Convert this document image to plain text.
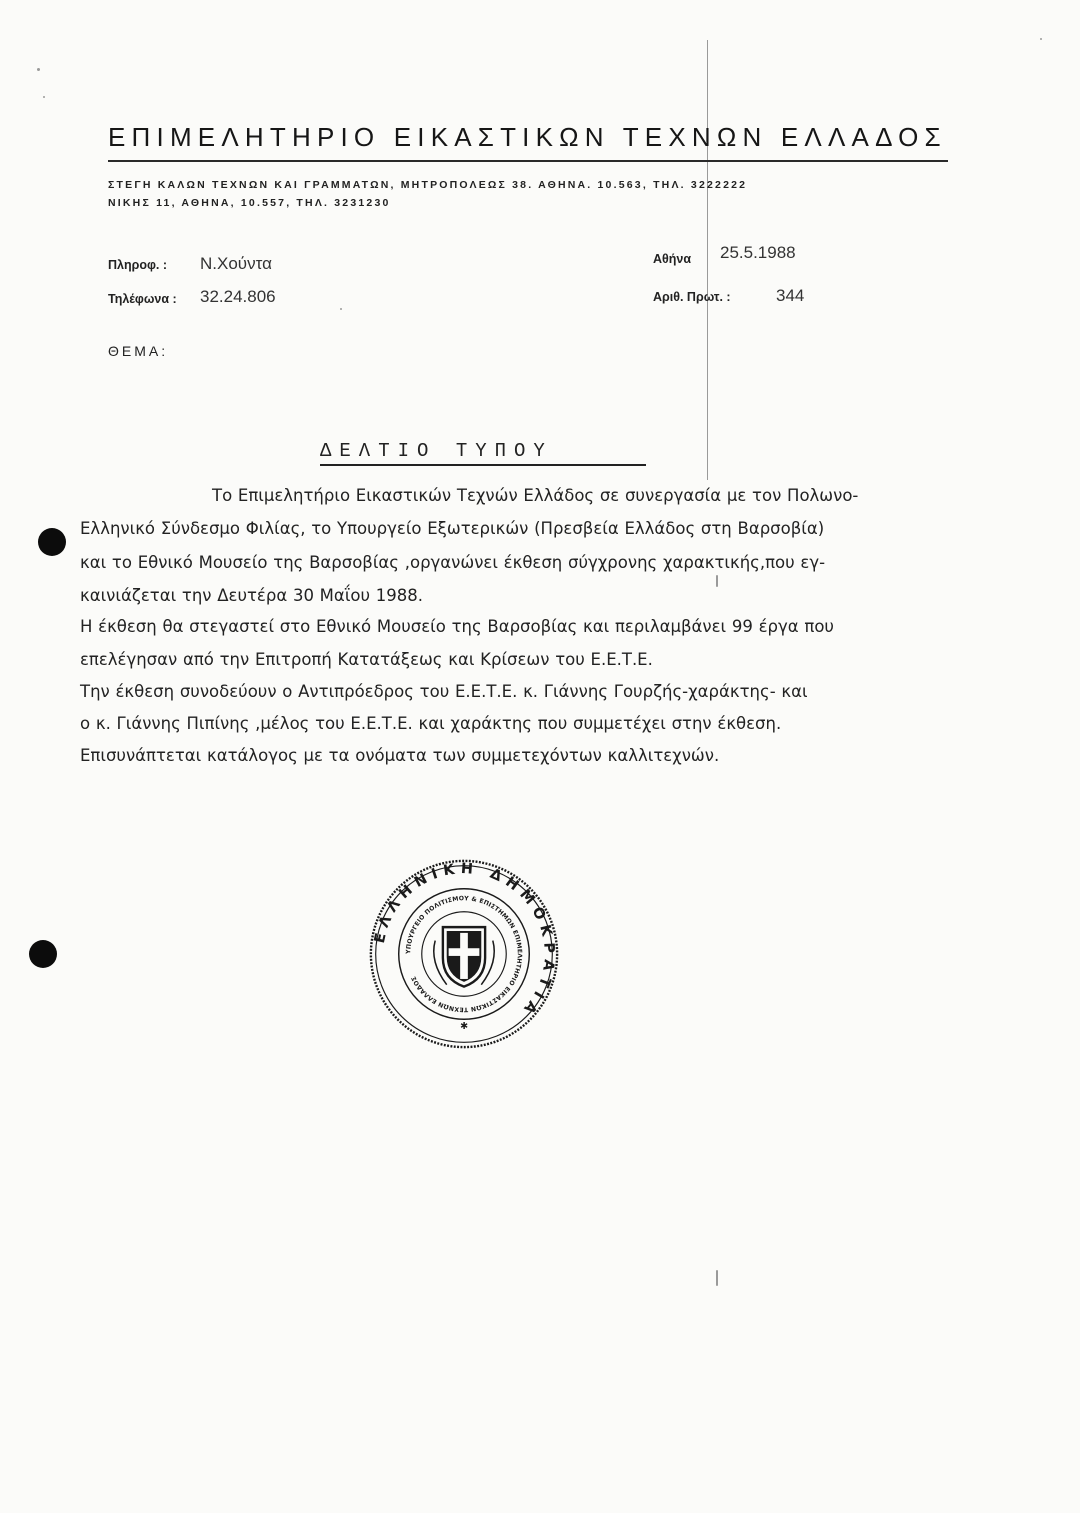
ΕΠΙΜΕΛΗΤΗΡΙΟ ΕΙΚΑΣΤΙΚΩΝ ΤΕΧΝΩΝ ΕΛΛΑΔΟΣ
ΣΤΕΓΗ ΚΑΛΩΝ ΤΕΧΝΩΝ ΚΑΙ ΓΡΑΜΜΑΤΩΝ, ΜΗΤΡΟΠΟΛΕΩΣ 38. ΑΘΗΝΑ. 10.563, ΤΗΛ. 3222222
ΝΙΚΗΣ 11, ΑΘΗΝΑ, 10.557, ΤΗΛ. 3231230
Πληροφ. : Ν.Χούντα
Τηλέφωνα : 32.24.806
Αθήνα 25.5.1988
Αριθ. Πρωτ. :	344
ΘΕΜΑ:
ΔΕΛΤΙΟ ΤΥΠΟΥ
Το Επιμελητήριο Εικαστικών Τεχνών Ελλάδος σε συνεργασία με τον Πολωνο-
Ελληνικό Σύνδεσμο Φιλίας, το Υπουργείο Εξωτερικών (Πρεσβεία Ελλάδος στη Βαρσοβία)
και το Εθνικό Μουσείο της Βαρσοβίας ,οργανώνει έκθεση σύγχρονης χαρακτικής,που εγ-
καινιάζεται την Δευτέρα 30 Μαΐου 1988.
Η έκθεση θα στεγαστεί στο Εθνικό Μουσείο της Βαρσοβίας και περιλαμβάνει 99 έργα που
επελέγησαν από την Επιτροπή Κατατάξεως και Κρίσεων του Ε.Ε.Τ.Ε.
Την έκθεση συνοδεύουν ο Αντιπρόεδρος του Ε.Ε.Τ.Ε. κ. Γιάννης Γουρζής-χαράκτης- και
ο κ. Γιάννης Πιπίνης ,μέλος του Ε.Ε.Τ.Ε. και χαράκτης που συμμετέχει στην έκθεση.
Επισυνάπτεται κατάλογος με τα ονόματα των συμμετεχόντων καλλιτεχνών.
ΕΛΛΗΝΙΚΗ ΔΗΜΟΚΡΑΤΙΑ
ΥΠΟΥΡΓΕΙΟ ΠΟΛΙΤΙΣΜΟΥ & ΕΠΙΣΤΗΜΩΝ ΕΠΙΜΕΛΗΤΗΡΙΟ ΕΙΚΑΣΤΙΚΩΝ ΤΕΧΝΩΝ ΕΛΛΑΔΟΣ
✱
